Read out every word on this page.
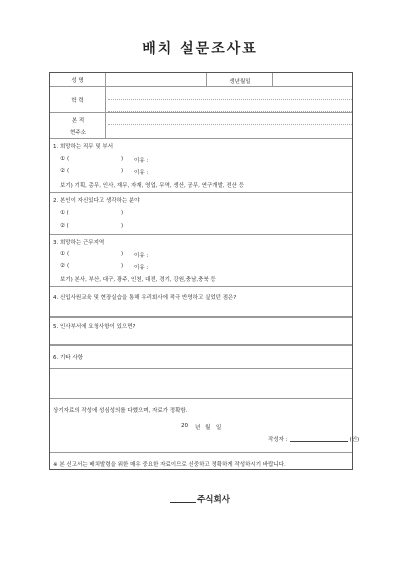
배치 설문조사표
성 명	생년월일
학 력
본 적
현주소
1. 희망하는 직무 및 부서
① (	) 이유 :
② (	) 이유 :
보기) 기획, 총무, 인사, 재무, 자재, 영업, 무역, 생산, 공무, 연구개발, 전산 등
2. 본인이 자신있다고 생각하는 분야
① (	)
② (	)
3. 희망하는 근무지역
① (	) 이유 :
② (	) 이유 :
보기) 본사, 부산, 대구, 광주, 인천, 대전, 경기, 강원,충남,충북 등
4. 신입사원교육 및 현장실습을 통해 우리회사에 적극 반영하고 싶었던 점은?
5. 인사부서에 요청사항이 있으면?
6. 기타 사항
상기자료의 작성에 성심성의를 다했으며, 자료가 정확함.
20 년 월 일
작성자 :	(인)
※ 본 신고서는 배치발령을 위한 매우 중요한 자료이므로 신중하고 정확하게 작성하시기 바랍니다.
주식회사
